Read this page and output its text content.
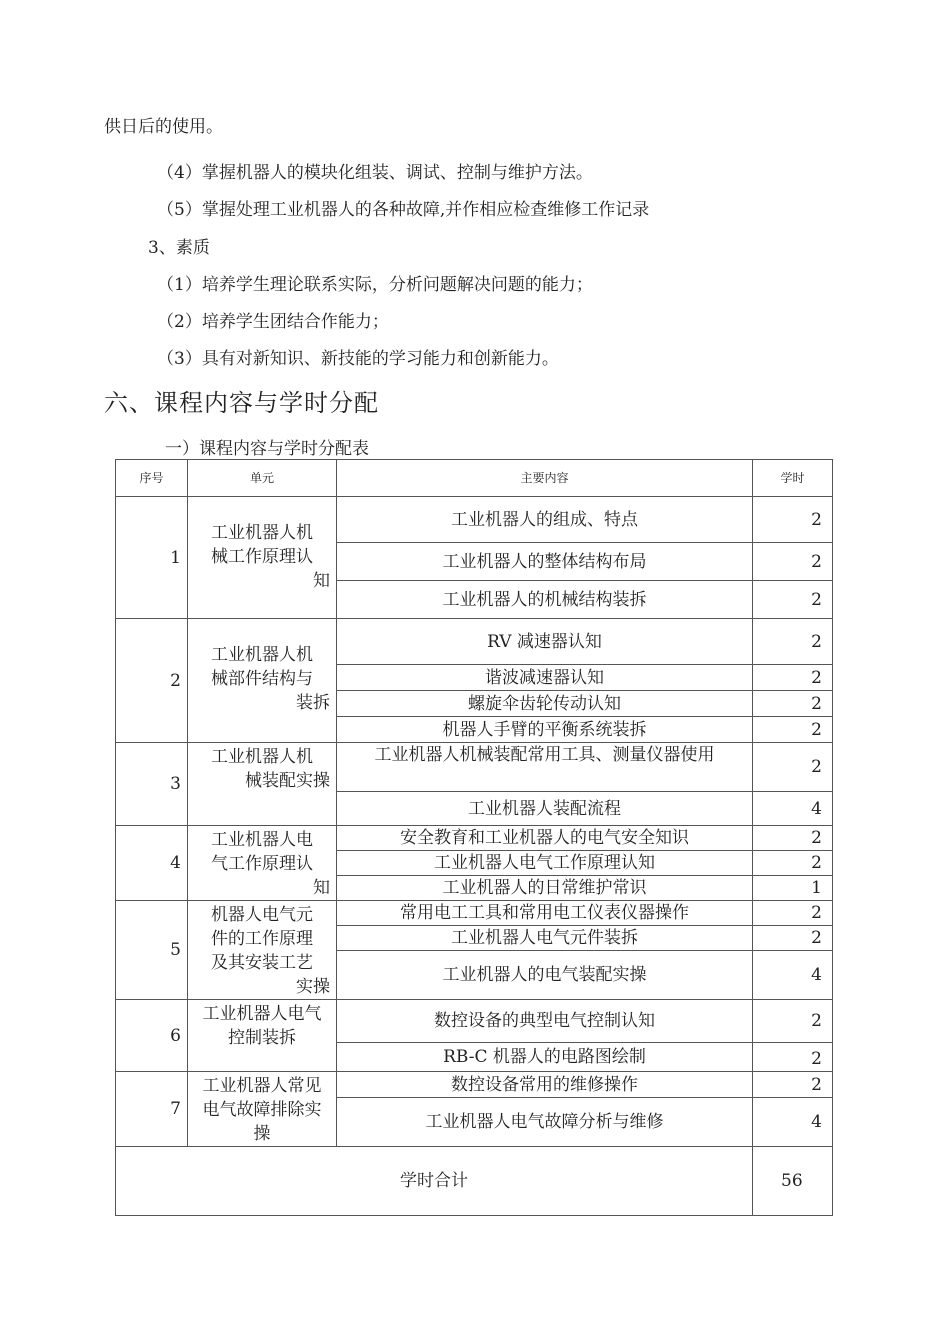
供日后的使用。
（4）掌握机器人的模块化组装、调试、控制与维护方法。
（5）掌握处理工业机器人的各种故障,并作相应检查维修工作记录
3、素质
（1）培养学生理论联系实际，分析问题解决问题的能力；
（2）培养学生团结合作能力；
（3）具有对新知识、新技能的学习能力和创新能力。
六、课程内容与学时分配
一）课程内容与学时分配表
序号	单元	主要内容	学时
1	工业机器人机
械工作原理认
知	工业机器人的组成、特点	2
		工业机器人的整体结构布局	2
		工业机器人的机械结构装拆	2
2	工业机器人机
械部件结构与
装拆	RV 减速器认知	2
		谐波减速器认知	2
		螺旋伞齿轮传动认知	2
		机器人手臂的平衡系统装拆	2
3	工业机器人机
械装配实操	工业机器人机械装配常用工具、测量仪器使用	2
		工业机器人装配流程	4
4	工业机器人电
气工作原理认
知	安全教育和工业机器人的电气安全知识	2
		工业机器人电气工作原理认知	2
		工业机器人的日常维护常识	1
5	机器人电气元
件的工作原理
及其安装工艺
实操	常用电工工具和常用电工仪表仪器操作	2
		工业机器人电气元件装拆	2
		工业机器人的电气装配实操	4
6	工业机器人电气
控制装拆	数控设备的典型电气控制认知	2
		RB-C 机器人的电路图绘制	2
7	工业机器人常见
电气故障排除实
操	数控设备常用的维修操作	2
		工业机器人电气故障分析与维修	4
学时合计			56
